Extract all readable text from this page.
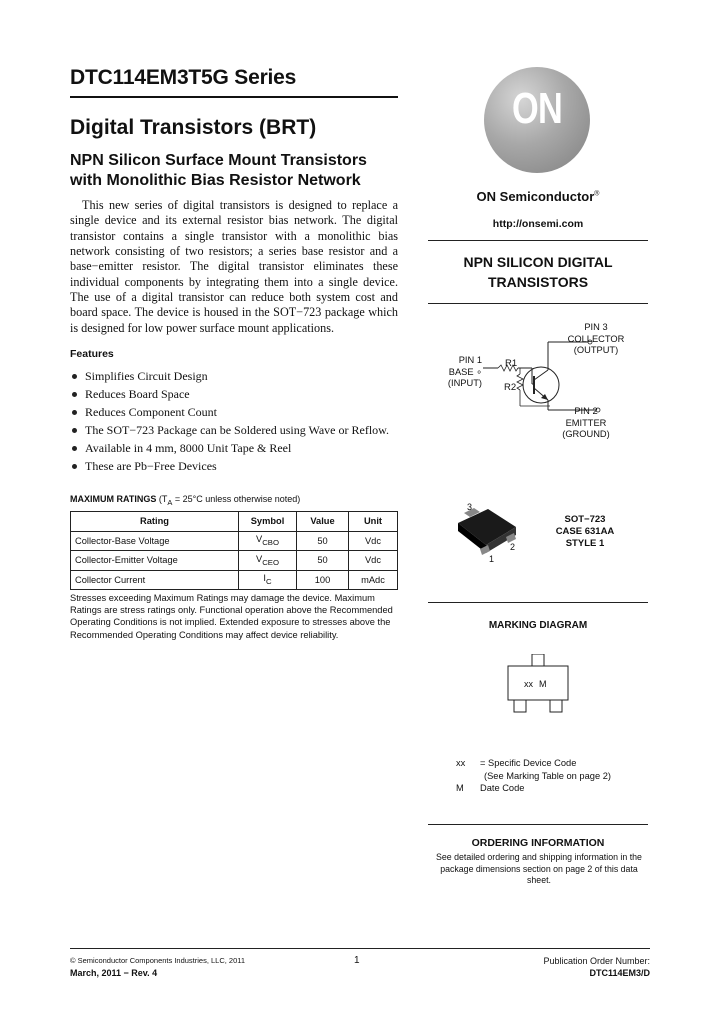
DTC114EM3T5G Series
Digital Transistors (BRT)
NPN Silicon Surface Mount Transistors
with Monolithic Bias Resistor Network

This new series of digital transistors is designed to replace a single device and its external resistor bias network. The digital transistor contains a single transistor with a monolithic bias network consisting of two resistors; a series base resistor and a base−emitter resistor. The digital transistor eliminates these individual components by integrating them into a single device. The use of a digital transistor can reduce both system cost and board space. The device is housed in the SOT−723 package which is designed for low power surface mount applications.

Features
Simplifies Circuit Design
Reduces Board Space
Reduces Component Count
The SOT−723 Package can be Soldered using Wave or Reflow.
Available in 4 mm, 8000 Unit Tape & Reel
These are Pb−Free Devices
MAXIMUM RATINGS ($T_A = 25^\circ C$ unless otherwise noted)
Rating	Symbol	Value	Unit
Collector-Base Voltage	$V_{CBO}$	50	Vdc
Collector-Emitter Voltage	$V_{CEO}$	50	Vdc
Collector Current	$I_C$	100	mAdc
Stresses exceeding Maximum Ratings may damage the device. Maximum Ratings are stress ratings only. Functional operation above the Recommended Operating Conditions is not implied. Extended exposure to stresses above the Recommended Operating Conditions may affect device reliability.
ON
ON Semiconductor®
http://onsemi.com
NPN SILICON DIGITAL
TRANSISTORS
R1
R2
PIN 3
COLLECTOR
(OUTPUT)
PIN 1
BASE ∘
(INPUT)
PIN 2
EMITTER
(GROUND)
3
2
1
SOT−723
CASE 631AA
STYLE 1
MARKING DIAGRAM
xx M
xx = Specific Device Code
(See Marking Table on page 2)
M Date Code
ORDERING INFORMATION
See detailed ordering and shipping information in the package dimensions section on page 2 of this data sheet.
© Semiconductor Components Industries, LLC, 2011
March, 2011 − Rev. 4
1	Publication Order Number:
DTC114EM3/D
